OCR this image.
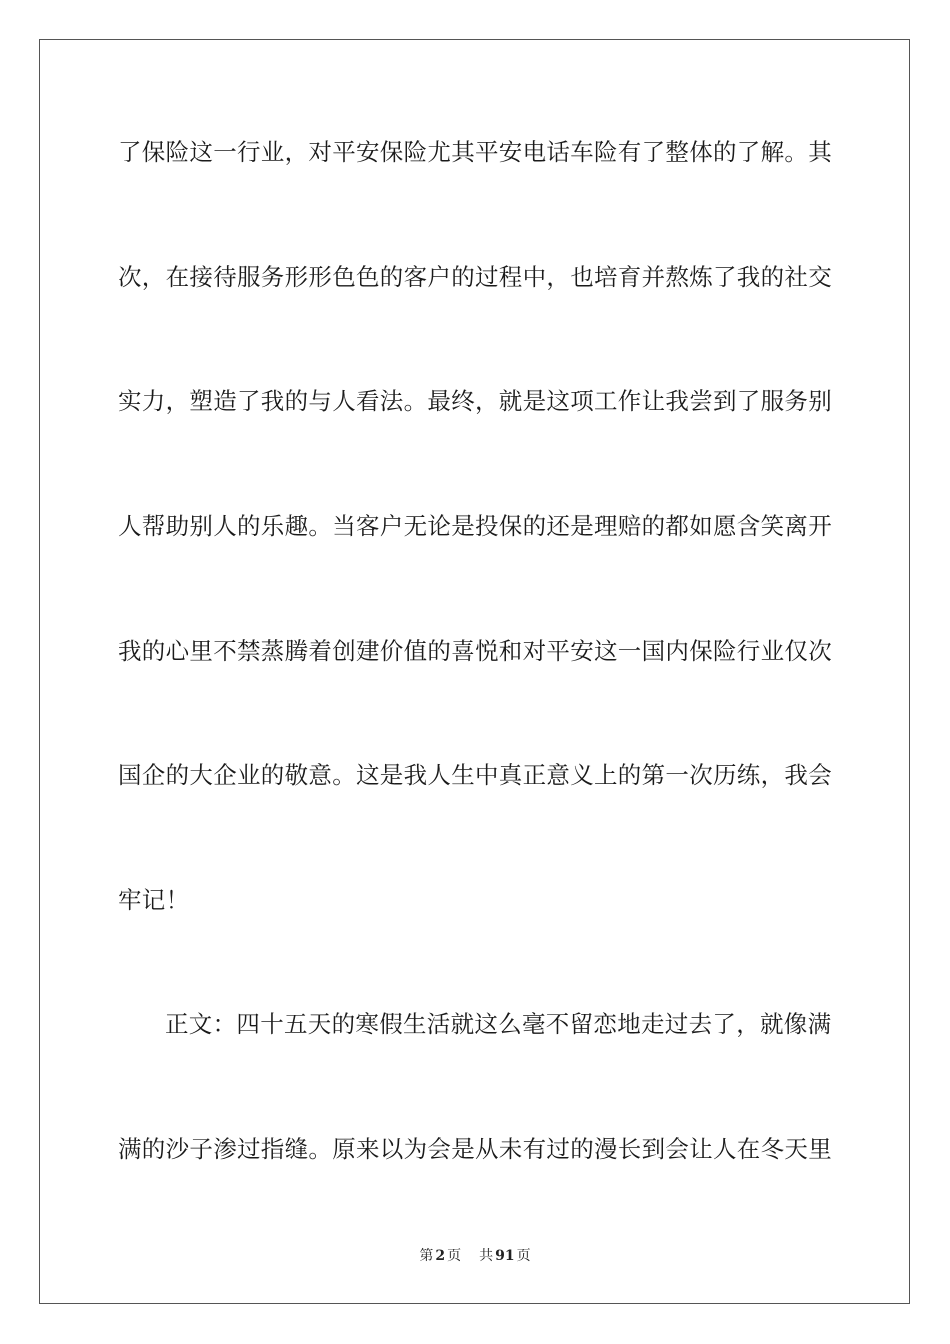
了保险这一行业，对平安保险尤其平安电话车险有了整体的了解。其
次，在接待服务形形色色的客户的过程中，也培育并熬炼了我的社交
实力，塑造了我的与人看法。最终，就是这项工作让我尝到了服务别
人帮助别人的乐趣。当客户无论是投保的还是理赔的都如愿含笑离开
我的心里不禁蒸腾着创建价值的喜悦和对平安这一国内保险行业仅次
国企的大企业的敬意。这是我人生中真正意义上的第一次历练，我会
牢记！
正文：四十五天的寒假生活就这么毫不留恋地走过去了，就像满
满的沙子渗过指缝。原来以为会是从未有过的漫长到会让人在冬天里
第 2 页 共 91 页
